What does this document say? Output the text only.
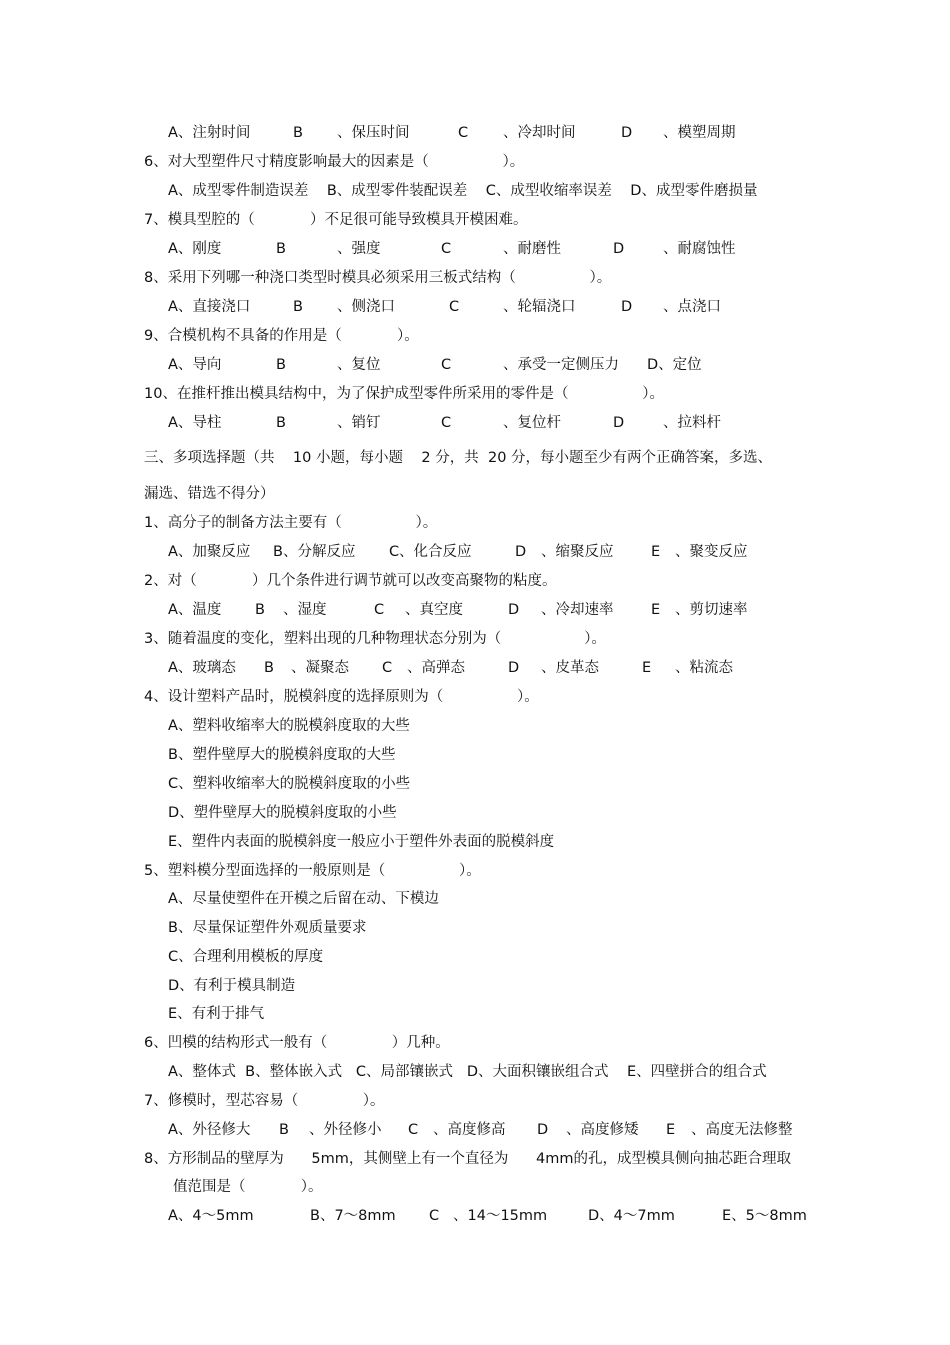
A、注射时间	B 、保压时间	C 、冷却时间	D 、模塑周期
6、对大型塑件尺寸精度影响最大的因素是（                ）。
A、成型零件制造误差    B、成型零件装配误差    C、成型收缩率误差    D、成型零件磨损量
7、模具型腔的（            ）不足很可能导致模具开模困难。
A、刚度	B	、强度	C	、耐磨性	D	、耐腐蚀性
8、采用下列哪一种浇口类型时模具必须采用三板式结构（                ）。
A、直接浇口	B 、侧浇口	C	、轮辐浇口	D 、点浇口
9、合模机构不具备的作用是（            ）。
A、导向	B	、复位	C	、承受一定侧压力 D、定位
10、在推杆推出模具结构中，为了保护成型零件所采用的零件是（                ）。
A、导柱	B	、销钉	C	、复位杆	D	、拉料杆
三、多项选择题（共    10 小题，每小题    2 分，共  20 分，每小题至少有两个正确答案，多选、
漏选、错选不得分）
1、高分子的制备方法主要有（                ）。
A、加聚反应 B 、分解反应 C 、化合反应	D 、缩聚反应	E 、聚变反应
2、对（            ）几个条件进行调节就可以改变高聚物的粘度。
A、温度 B 、湿度	C 、真空度	D 、冷却速率	E 、剪切速率
3、随着温度的变化，塑料出现的几种物理状态分别为（                  ）。
A、玻璃态 B 、凝聚态 C 、高弹态	D 、皮革态	E 、粘流态
4、设计塑料产品时，脱模斜度的选择原则为（                ）。
A、塑料收缩率大的脱模斜度取的大些
B、塑件壁厚大的脱模斜度取的大些
C、塑料收缩率大的脱模斜度取的小些
D、塑件壁厚大的脱模斜度取的小些
E、塑件内表面的脱模斜度一般应小于塑件外表面的脱模斜度
5、塑料模分型面选择的一般原则是（                ）。
A、尽量使塑件在开模之后留在动、下模边
B、尽量保证塑件外观质量要求
C、合理利用模板的厚度
D、有利于模具制造
E、有利于排气
6、凹模的结构形式一般有（              ）几种。
A、整体式  B、整体嵌入式   C、局部镶嵌式   D、大面积镶嵌组合式    E、四壁拼合的组合式
7、修模时，型芯容易（              ）。
A、外径修大 B 、外径修小 C 、高度修高 D 、高度修矮 E 、高度无法修整
8、方形制品的壁厚为      5mm，其侧壁上有一个直径为      4mm的孔，成型模具侧向抽芯距合理取
值范围是（            ）。
A、4～5mm	B、7～8mm C 、14～15mm	D、4～7mm	E、5～8mm
